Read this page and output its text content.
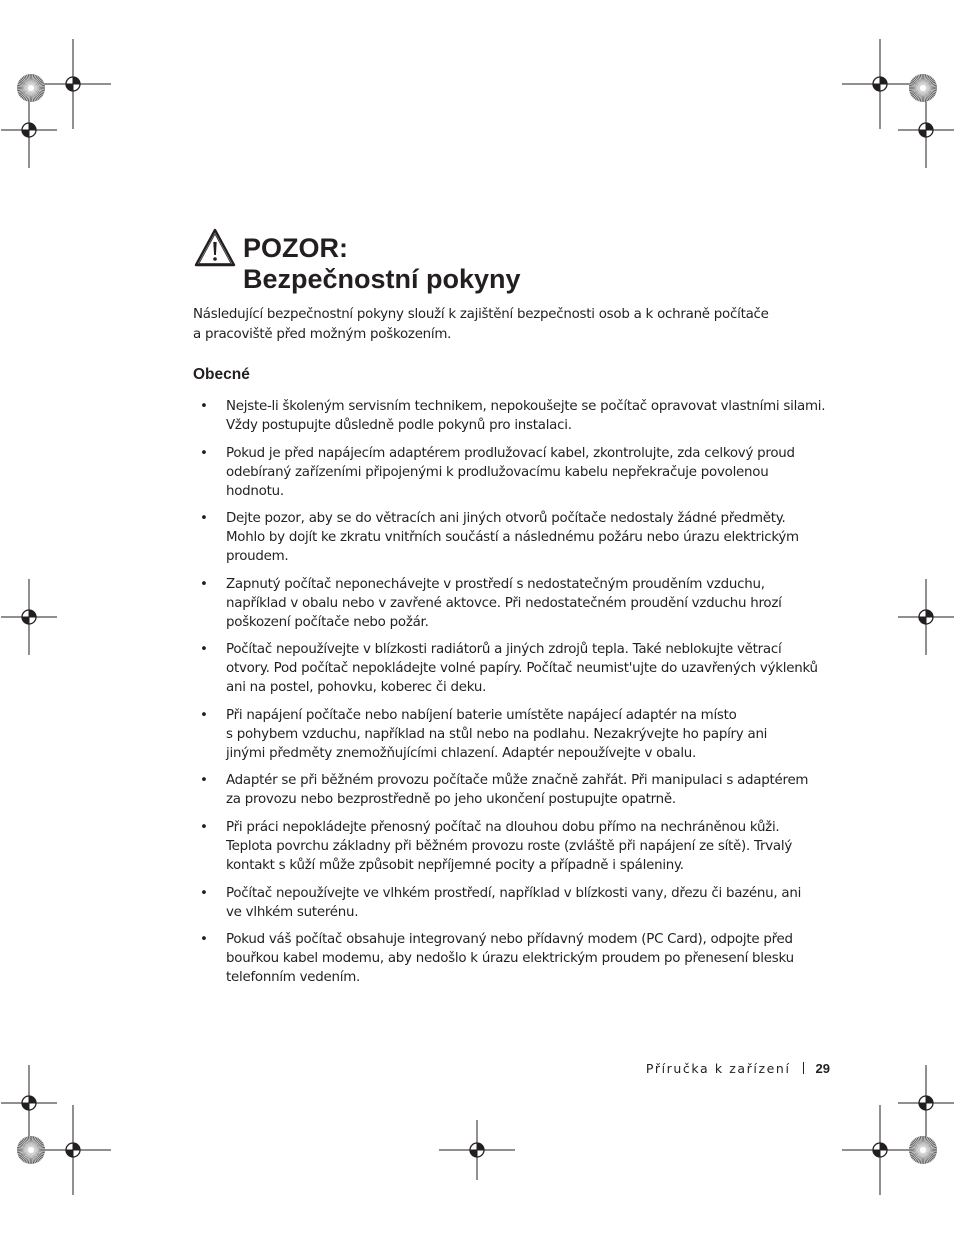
POZOR:
Bezpečnostní pokyny
Následující bezpečnostní pokyny slouží k zajištění bezpečnosti osob a k ochraně počítače
a pracoviště před možným poškozením.
Obecné
• Nejste-li školeným servisním technikem, nepokoušejte se počítač opravovat vlastními silami.
Vždy postupujte důsledně podle pokynů pro instalaci.
• Pokud je před napájecím adaptérem prodlužovací kabel, zkontrolujte, zda celkový proud
odebíraný zařízeními připojenými k prodlužovacímu kabelu nepřekračuje povolenou
hodnotu.
• Dejte pozor, aby se do větracích ani jiných otvorů počítače nedostaly žádné předměty.
Mohlo by dojít ke zkratu vnitřních součástí a následnému požáru nebo úrazu elektrickým
proudem.
• Zapnutý počítač neponechávejte v prostředí s nedostatečným prouděním vzduchu,
například v obalu nebo v zavřené aktovce. Při nedostatečném proudění vzduchu hrozí
poškození počítače nebo požár.
• Počítač nepoužívejte v blízkosti radiátorů a jiných zdrojů tepla. Také neblokujte větrací
otvory. Pod počítač nepokládejte volné papíry. Počítač neumist'ujte do uzavřených výklenků
ani na postel, pohovku, koberec či deku.
• Při napájení počítače nebo nabíjení baterie umístěte napájecí adaptér na místo
s pohybem vzduchu, například na stůl nebo na podlahu. Nezakrývejte ho papíry ani
jinými předměty znemožňujícími chlazení. Adaptér nepoužívejte v obalu.
• Adaptér se při běžném provozu počítače může značně zahřát. Při manipulaci s adaptérem
za provozu nebo bezprostředně po jeho ukončení postupujte opatrně.
• Při práci nepokládejte přenosný počítač na dlouhou dobu přímo na nechráněnou kůži.
Teplota povrchu základny při běžném provozu roste (zvláště při napájení ze sítě). Trvalý
kontakt s kůží může způsobit nepříjemné pocity a případně i spáleniny.
• Počítač nepoužívejte ve vlhkém prostředí, například v blízkosti vany, dřezu či bazénu, ani
ve vlhkém suterénu.
• Pokud váš počítač obsahuje integrovaný nebo přídavný modem (PC Card), odpojte před
bouřkou kabel modemu, aby nedošlo k úrazu elektrickým proudem po přenesení blesku
telefonním vedením.
Příručka k zařízení 29
